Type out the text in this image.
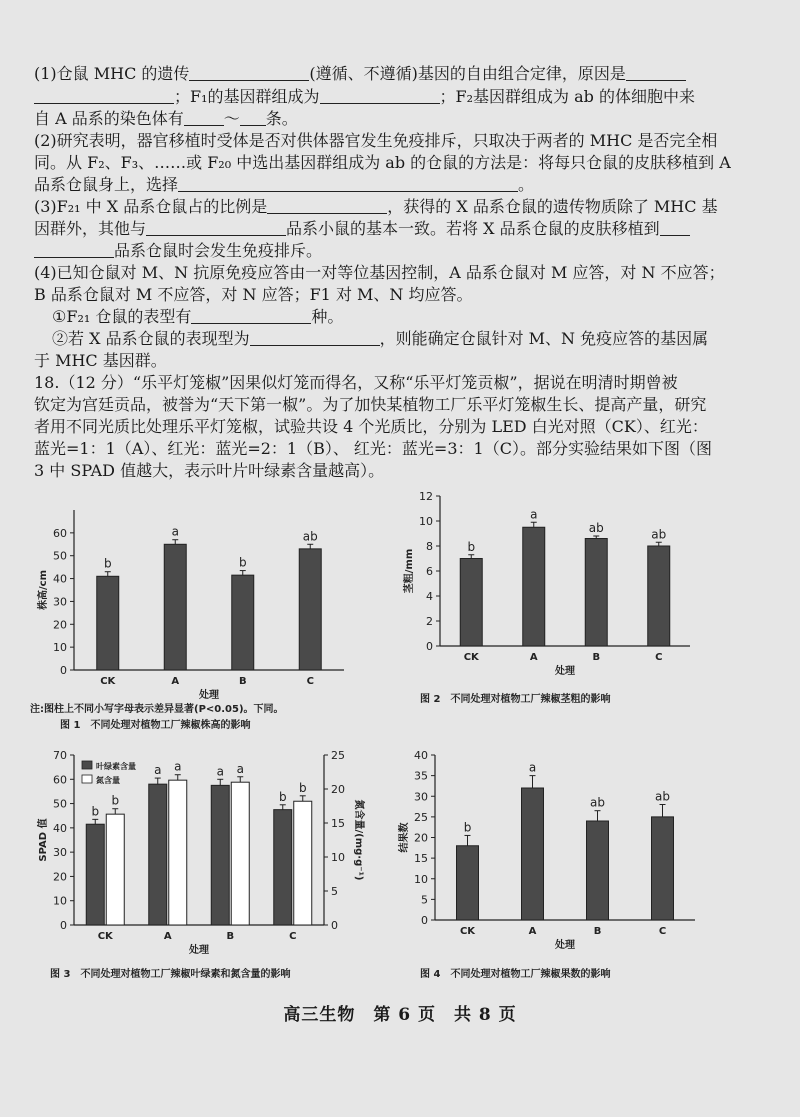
(1)仓鼠 MHC 的遗传	(遵循、不遵循)基因的自由组合定律，原因是
；F₁的基因群组成为	；F₂基因群组成为 ab 的体细胞中来
自 A 品系的染色体有	～ 条。
(2)研究表明，器官移植时受体是否对供体器官发生免疫排斥，只取决于两者的 MHC 是否完全相
同。从 F₂、F₃、……或 F₂₀ 中选出基因群组成为 ab 的仓鼠的方法是：将每只仓鼠的皮肤移植到 A
品系仓鼠身上，选择	。
(3)F₂₁ 中 X 品系仓鼠占的比例是	，获得的 X 品系仓鼠的遗传物质除了 MHC 基
因群外，其他与	品系小鼠的基本一致。若将 X 品系仓鼠的皮肤移植到
品系仓鼠时会发生免疫排斥。
(4)已知仓鼠对 M、N 抗原免疫应答由一对等位基因控制，A 品系仓鼠对 M 应答，对 N 不应答；
B 品系仓鼠对 M 不应答，对 N 应答；F1 对 M、N 均应答。
①F₂₁ 仓鼠的表型有	种。
②若 X 品系仓鼠的表现型为	，则能确定仓鼠针对 M、N 免疫应答的基因属
于 MHC 基因群。
18.（12 分）“乐平灯笼椒”因果似灯笼而得名，又称“乐平灯笼贡椒”，据说在明清时期曾被
钦定为宫廷贡品，被誉为“天下第一椒”。为了加快某植物工厂乐平灯笼椒生长、提高产量，研究
者用不同光质比处理乐平灯笼椒，试验共设 4 个光质比，分别为 LED 白光对照（CK）、红光：
蓝光=1：1（A）、红光：蓝光=2：1（B）、 红光：蓝光=3：1（C）。部分实验结果如下图（图
3 中 SPAD 值越大，表示叶片叶绿素含量越高）。
0
10
20
30
40
50
60
株高/cm
CK	A	B	C
处理
b
a
b
ab
注:图柱上不同小写字母表示差异显著(P<0.05)。下同。
图 1　不同处理对植物工厂辣椒株高的影响
0
2
4
6
8
10
12
茎粗/mm
CK	A	B	C
处理
b
a
ab	ab
图 2　不同处理对植物工厂辣椒茎粗的影响
0
10
20
30
40
50
60
70
SPAD 值
0
5
10
15
20
25
氮含量/(mg·g⁻¹)
CK	A	B	C
处理
b
a	a
b
b
a	a
b
叶绿素含量
氮含量
图 3　不同处理对植物工厂辣椒叶绿素和氮含量的影响
0
5
10
15
20
25
30
35
40
结果数
CK	A	B	C
处理
b
a
ab	ab
图 4　不同处理对植物工厂辣椒果数的影响
高三生物　第 6 页　共 8 页
